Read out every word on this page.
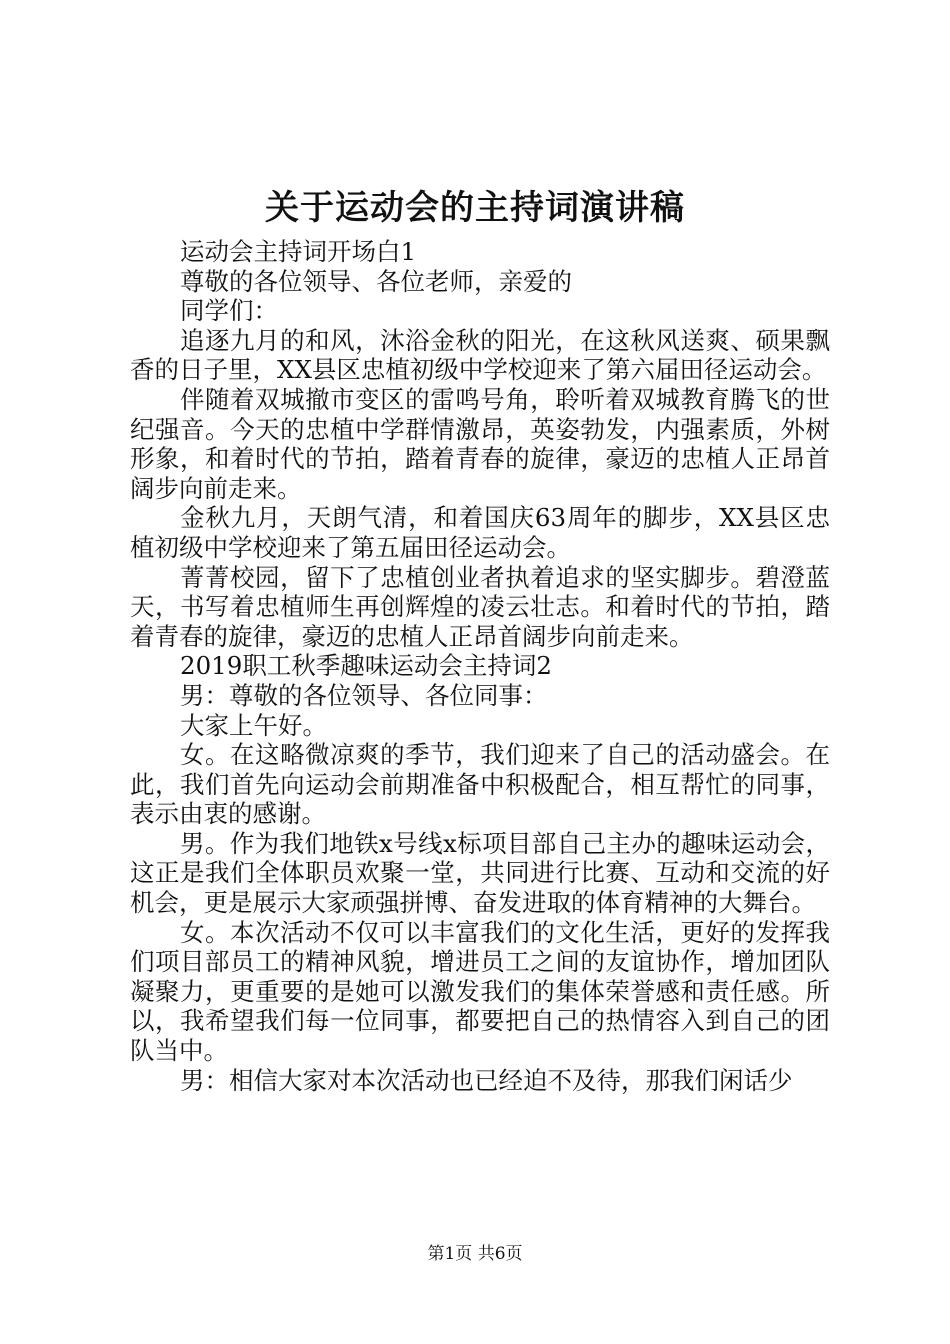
关于运动会的主持词演讲稿

运动会主持词开场白1

尊敬的各位领导、各位老师，亲爱的

同学们：

追逐九月的和风，沐浴金秋的阳光，在这秋风送爽、硕果飘香的日子里，XX县区忠植初级中学校迎来了第六届田径运动会。

伴随着双城撤市变区的雷鸣号角，聆听着双城教育腾飞的世纪强音。今天的忠植中学群情激昂，英姿勃发，内强素质，外树形象，和着时代的节拍，踏着青春的旋律，豪迈的忠植人正昂首阔步向前走来。

金秋九月，天朗气清，和着国庆63周年的脚步，XX县区忠植初级中学校迎来了第五届田径运动会。

菁菁校园，留下了忠植创业者执着追求的坚实脚步。碧澄蓝天，书写着忠植师生再创辉煌的凌云壮志。和着时代的节拍，踏着青春的旋律，豪迈的忠植人正昂首阔步向前走来。

2019职工秋季趣味运动会主持词2

男：尊敬的各位领导、各位同事：

大家上午好。

女。在这略微凉爽的季节，我们迎来了自己的活动盛会。在此，我们首先向运动会前期准备中积极配合，相互帮忙的同事，表示由衷的感谢。

男。作为我们地铁x号线x标项目部自己主办的趣味运动会，这正是我们全体职员欢聚一堂，共同进行比赛、互动和交流的好机会，更是展示大家顽强拼博、奋发进取的体育精神的大舞台。

女。本次活动不仅可以丰富我们的文化生活，更好的发挥我们项目部员工的精神风貌，增进员工之间的友谊协作，增加团队凝聚力，更重要的是她可以激发我们的集体荣誉感和责任感。所以，我希望我们每一位同事，都要把自己的热情容入到自己的团队当中。

男：相信大家对本次活动也已经迫不及待，那我们闲话少

第1页 共6页
